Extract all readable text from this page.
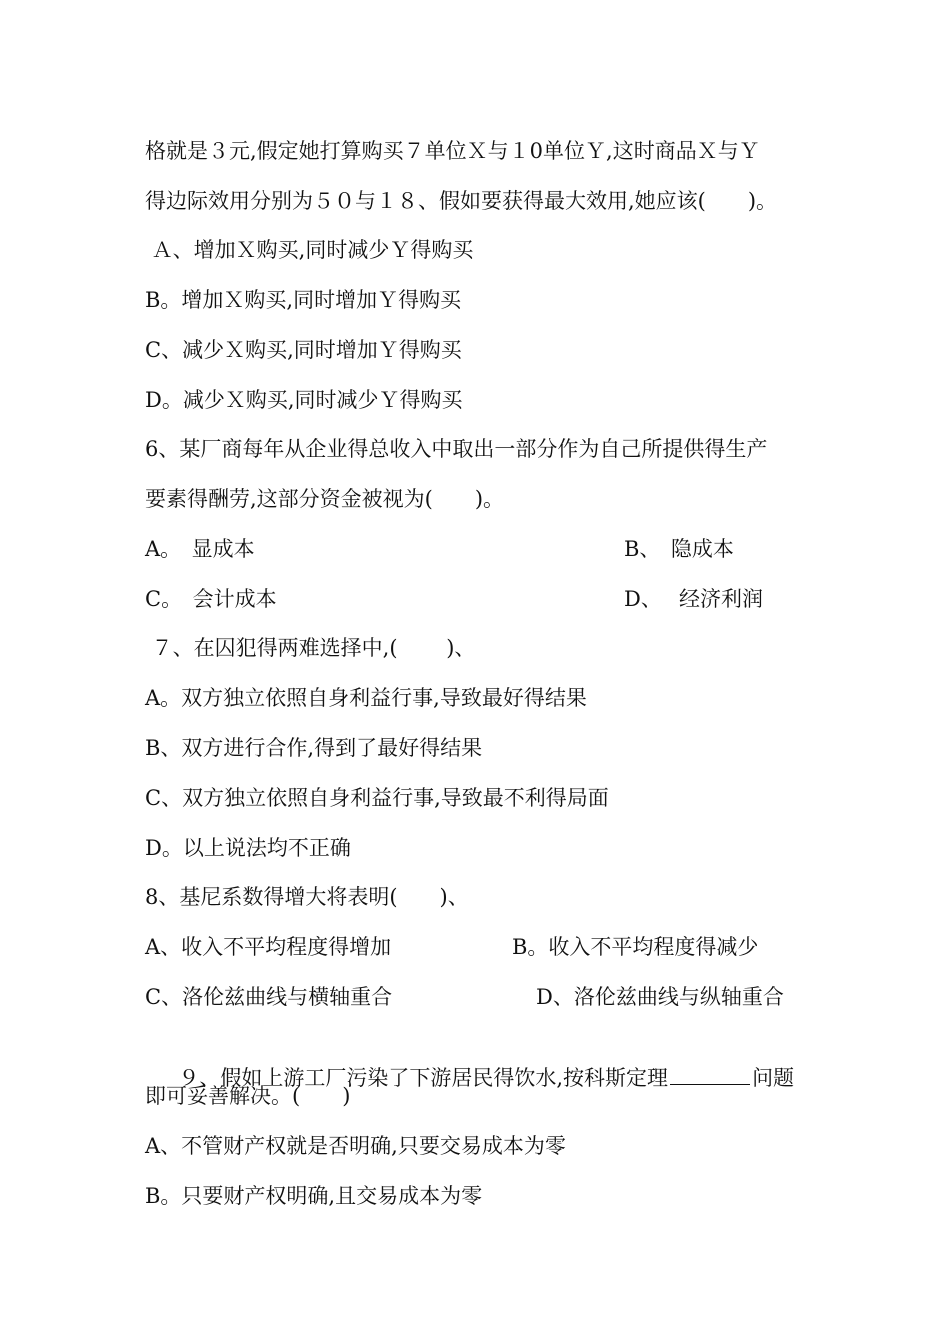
格就是３元,假定她打算购买７单位Ｘ与１0单位Ｙ,这时商品Ｘ与Ｙ
得边际效用分别为５０与１８、假如要获得最大效用,她应该(　　)。
Ａ、增加Ｘ购买,同时减少Ｙ得购买
B。增加Ｘ购买,同时增加Ｙ得购买
C、减少Ｘ购买,同时增加Ｙ得购买
D。减少Ｘ购买,同时减少Ｙ得购买
6、某厂商每年从企业得总收入中取出一部分作为自己所提供得生产
要素得酬劳,这部分资金被视为(　　)。
A。　显成本	B、　隐成本
C。　会计成本	D、　 经济利润
７、在囚犯得两难选择中,(　　 )、
A。双方独立依照自身利益行事,导致最好得结果
B、双方进行合作,得到了最好得结果
C、双方独立依照自身利益行事,导致最不利得局面
D。以上说法均不正确
8、基尼系数得增大将表明(　　)、
A、收入不平均程度得增加	B。收入不平均程度得减少
C、洛伦兹曲线与横轴重合	D、洛伦兹曲线与纵轴重合

９、假如上游工厂污染了下游居民得饮水,按科斯定理	问题

即可妥善解决。(　　)
A、不管财产权就是否明确,只要交易成本为零
B。只要财产权明确,且交易成本为零
